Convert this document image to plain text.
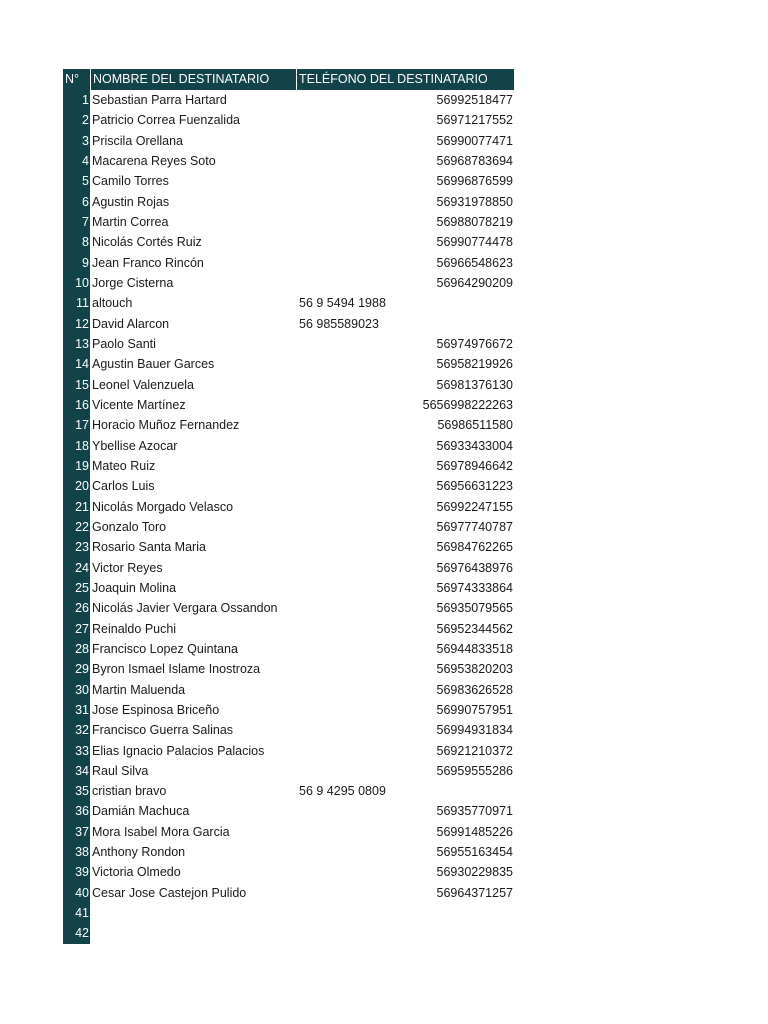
N°	NOMBRE DEL DESTINATARIO	TELÉFONO DEL DESTINATARIO
1 Sebastian Parra Hartard	56992518477
2 Patricio Correa Fuenzalida	56971217552
3 Priscila Orellana	56990077471
4 Macarena Reyes Soto	56968783694
5 Camilo Torres	56996876599
6 Agustin Rojas	56931978850
7 Martin Correa	56988078219
8 Nicolás Cortés Ruiz	56990774478
9 Jean Franco Rincón	56966548623
10 Jorge Cisterna	56964290209
11 altouch	56 9 5494 1988
12 David Alarcon	56 985589023
13 Paolo Santi	56974976672
14 Agustin Bauer Garces	56958219926
15 Leonel Valenzuela	56981376130
16 Vicente Martínez	5656998222263
17 Horacio Muñoz Fernandez	56986511580
18 Ybellise Azocar	56933433004
19 Mateo Ruiz	56978946642
20 Carlos Luis	56956631223
21 Nicolás Morgado Velasco	56992247155
22 Gonzalo Toro	56977740787
23 Rosario Santa Maria	56984762265
24 Victor Reyes	56976438976
25 Joaquin Molina	56974333864
26 Nicolás Javier Vergara Ossandon	56935079565
27 Reinaldo Puchi	56952344562
28 Francisco Lopez Quintana	56944833518
29 Byron Ismael Islame Inostroza	56953820203
30 Martin Maluenda	56983626528
31 Jose Espinosa Briceño	56990757951
32 Francisco Guerra Salinas	56994931834
33 Elias Ignacio Palacios Palacios	56921210372
34 Raul Silva	56959555286
35 cristian bravo	56 9 4295 0809
36 Damián Machuca	56935770971
37 Mora Isabel Mora Garcia	56991485226
38 Anthony Rondon	56955163454
39 Victoria Olmedo	56930229835
40 Cesar Jose Castejon Pulido	56964371257
41
42
